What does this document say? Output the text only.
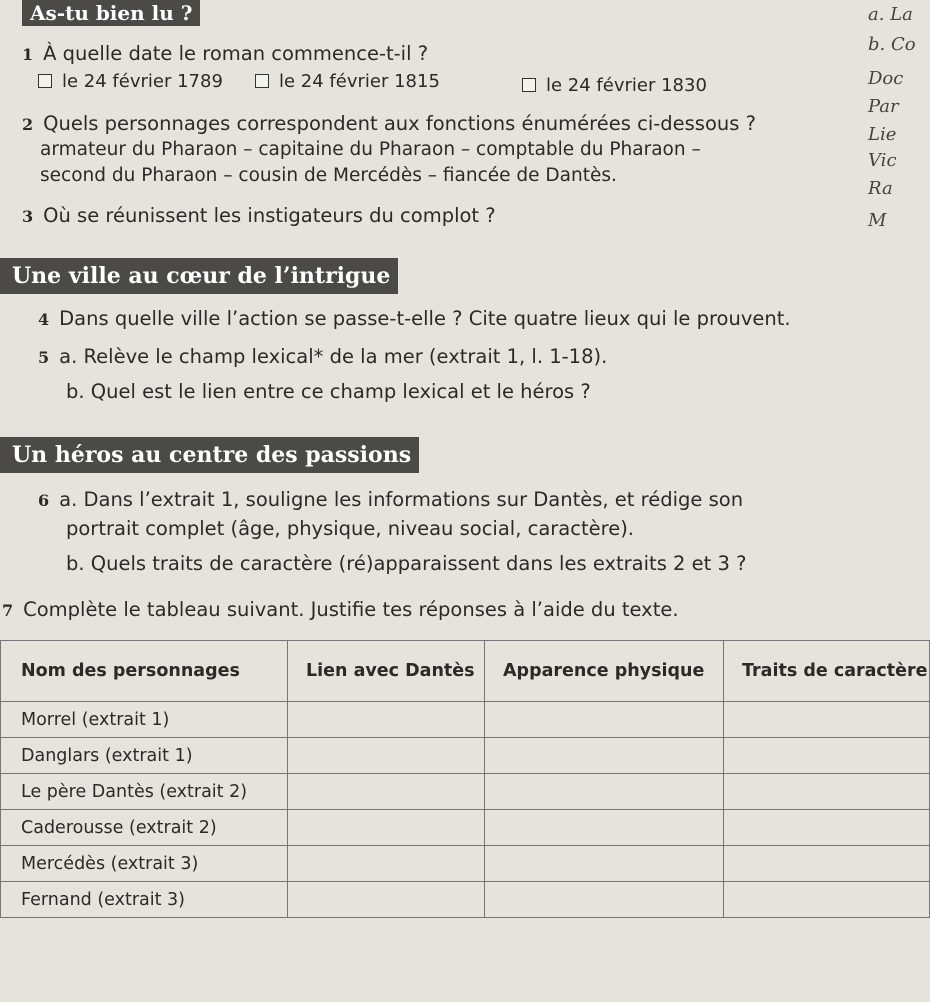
As-tu bien lu ?
1 À quelle date le roman commence-t-il ?
le 24 février 1789	le 24 février 1815	le 24 février 1830
2 Quels personnages correspondent aux fonctions énumérées ci-dessous ?
armateur du Pharaon – capitaine du Pharaon – comptable du Pharaon –
second du Pharaon – cousin de Mercédès – fiancée de Dantès.
3 Où se réunissent les instigateurs du complot ?
Une ville au cœur de l’intrigue
4 Dans quelle ville l’action se passe-t-elle ? Cite quatre lieux qui le prouvent.
5 a. Relève le champ lexical* de la mer (extrait 1, l. 1-18).
b. Quel est le lien entre ce champ lexical et le héros ?
Un héros au centre des passions
6 a. Dans l’extrait 1, souligne les informations sur Dantès, et rédige son
portrait complet (âge, physique, niveau social, caractère).
b. Quels traits de caractère (ré)apparaissent dans les extraits 2 et 3 ?
7 Complète le tableau suivant. Justifie tes réponses à l’aide du texte.
Nom des personnages	Lien avec Dantès	Apparence physique	Traits de caractère
Morrel (extrait 1)			
Danglars (extrait 1)			
Le père Dantès (extrait 2)			
Caderousse (extrait 2)			
Mercédès (extrait 3)			
Fernand (extrait 3)			
a. La
b. Co
Doc
Par
Lie
Vic
Ra
M
